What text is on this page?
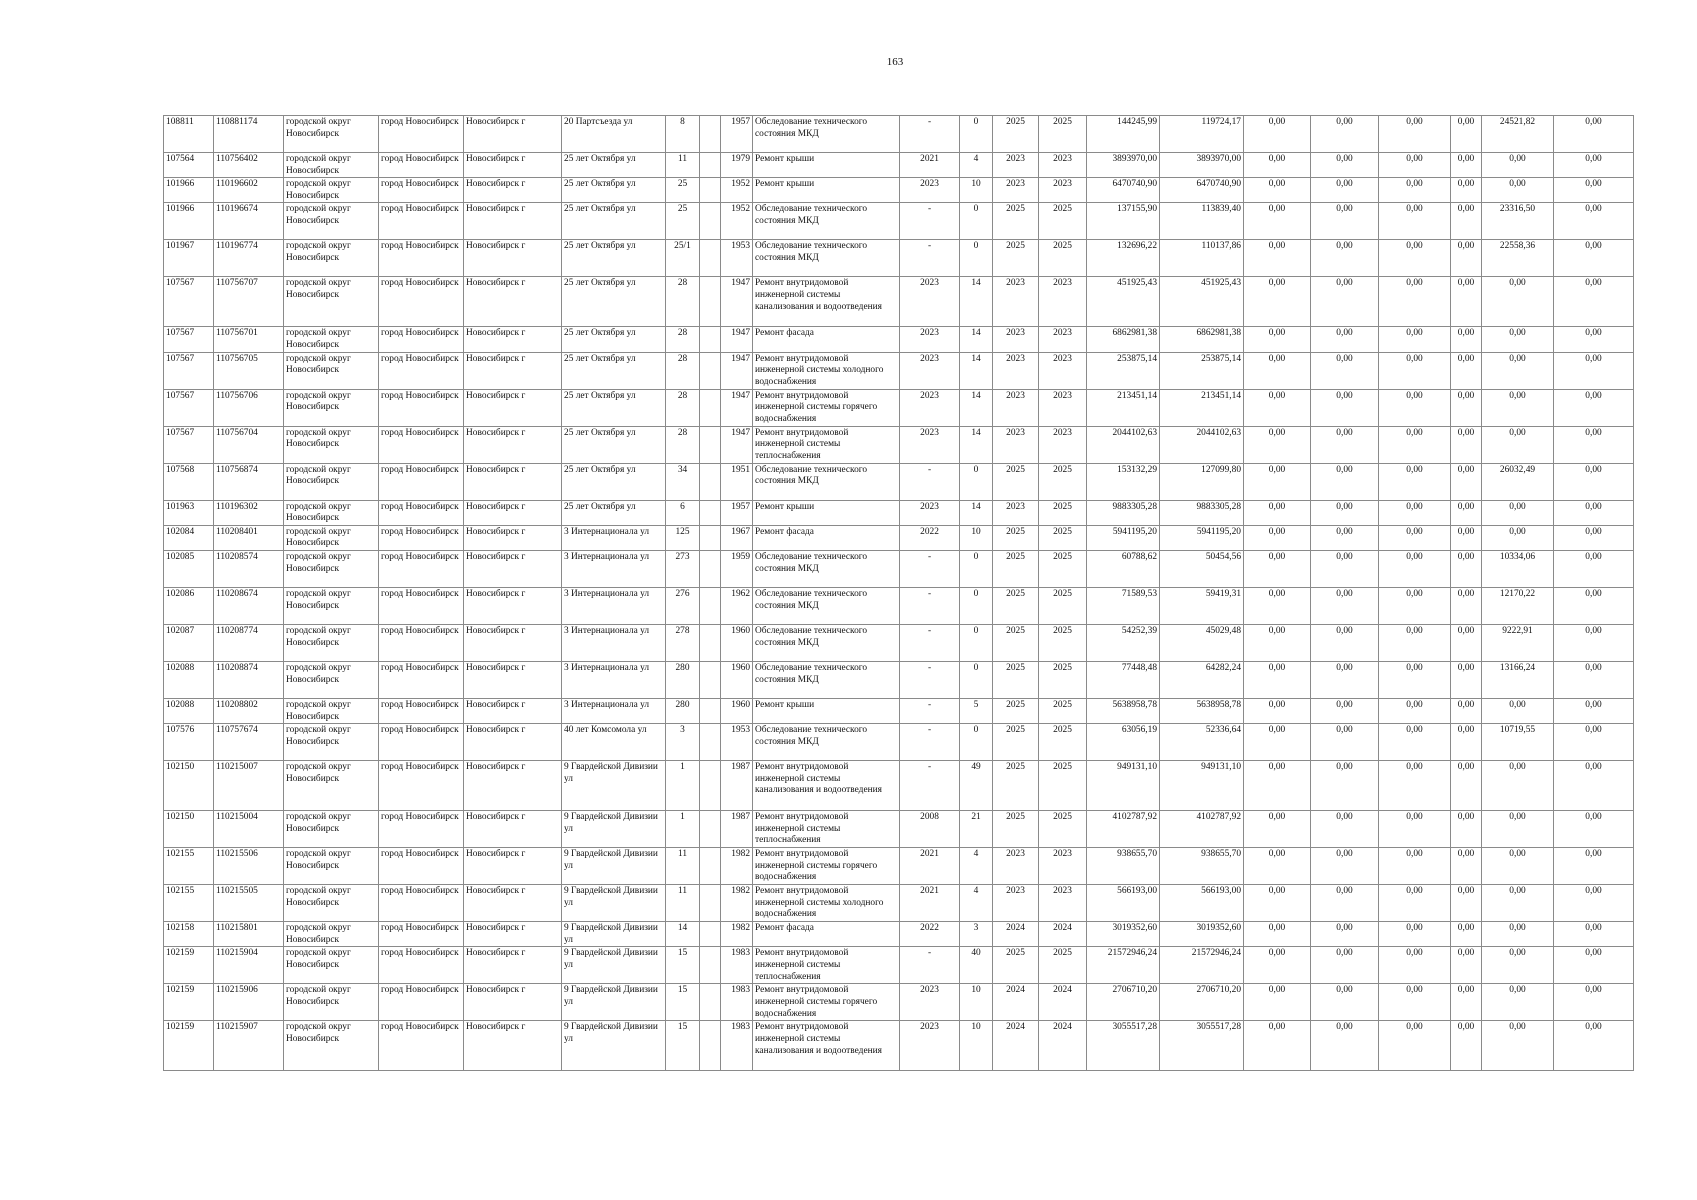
163
108811	110881174	городской округ Новосибирск	город Новосибирск	Новосибирск г	20 Партсъезда ул	8		1957	Обследование технического состояния МКД	-	0	2025	2025	144245,99	119724,17	0,00	0,00	0,00	0,00	24521,82	0,00
107564	110756402	городской округ Новосибирск	город Новосибирск	Новосибирск г	25 лет Октября ул	11		1979	Ремонт крыши	2021	4	2023	2023	3893970,00	3893970,00	0,00	0,00	0,00	0,00	0,00	0,00
101966	110196602	городской округ Новосибирск	город Новосибирск	Новосибирск г	25 лет Октября ул	25		1952	Ремонт крыши	2023	10	2023	2023	6470740,90	6470740,90	0,00	0,00	0,00	0,00	0,00	0,00
101966	110196674	городской округ Новосибирск	город Новосибирск	Новосибирск г	25 лет Октября ул	25		1952	Обследование технического состояния МКД	-	0	2025	2025	137155,90	113839,40	0,00	0,00	0,00	0,00	23316,50	0,00
101967	110196774	городской округ Новосибирск	город Новосибирск	Новосибирск г	25 лет Октября ул	25/1		1953	Обследование технического состояния МКД	-	0	2025	2025	132696,22	110137,86	0,00	0,00	0,00	0,00	22558,36	0,00
107567	110756707	городской округ Новосибирск	город Новосибирск	Новосибирск г	25 лет Октября ул	28		1947	Ремонт внутридомовой инженерной системы канализования и водоотведения	2023	14	2023	2023	451925,43	451925,43	0,00	0,00	0,00	0,00	0,00	0,00
107567	110756701	городской округ Новосибирск	город Новосибирск	Новосибирск г	25 лет Октября ул	28		1947	Ремонт фасада	2023	14	2023	2023	6862981,38	6862981,38	0,00	0,00	0,00	0,00	0,00	0,00
107567	110756705	городской округ Новосибирск	город Новосибирск	Новосибирск г	25 лет Октября ул	28		1947	Ремонт внутридомовой инженерной системы холодного водоснабжения	2023	14	2023	2023	253875,14	253875,14	0,00	0,00	0,00	0,00	0,00	0,00
107567	110756706	городской округ Новосибирск	город Новосибирск	Новосибирск г	25 лет Октября ул	28		1947	Ремонт внутридомовой инженерной системы горячего водоснабжения	2023	14	2023	2023	213451,14	213451,14	0,00	0,00	0,00	0,00	0,00	0,00
107567	110756704	городской округ Новосибирск	город Новосибирск	Новосибирск г	25 лет Октября ул	28		1947	Ремонт внутридомовой инженерной системы теплоснабжения	2023	14	2023	2023	2044102,63	2044102,63	0,00	0,00	0,00	0,00	0,00	0,00
107568	110756874	городской округ Новосибирск	город Новосибирск	Новосибирск г	25 лет Октября ул	34		1951	Обследование технического состояния МКД	-	0	2025	2025	153132,29	127099,80	0,00	0,00	0,00	0,00	26032,49	0,00
101963	110196302	городской округ Новосибирск	город Новосибирск	Новосибирск г	25 лет Октября ул	6		1957	Ремонт крыши	2023	14	2023	2025	9883305,28	9883305,28	0,00	0,00	0,00	0,00	0,00	0,00
102084	110208401	городской округ Новосибирск	город Новосибирск	Новосибирск г	3 Интернационала ул	125		1967	Ремонт фасада	2022	10	2025	2025	5941195,20	5941195,20	0,00	0,00	0,00	0,00	0,00	0,00
102085	110208574	городской округ Новосибирск	город Новосибирск	Новосибирск г	3 Интернационала ул	273		1959	Обследование технического состояния МКД	-	0	2025	2025	60788,62	50454,56	0,00	0,00	0,00	0,00	10334,06	0,00
102086	110208674	городской округ Новосибирск	город Новосибирск	Новосибирск г	3 Интернационала ул	276		1962	Обследование технического состояния МКД	-	0	2025	2025	71589,53	59419,31	0,00	0,00	0,00	0,00	12170,22	0,00
102087	110208774	городской округ Новосибирск	город Новосибирск	Новосибирск г	3 Интернационала ул	278		1960	Обследование технического состояния МКД	-	0	2025	2025	54252,39	45029,48	0,00	0,00	0,00	0,00	9222,91	0,00
102088	110208874	городской округ Новосибирск	город Новосибирск	Новосибирск г	3 Интернационала ул	280		1960	Обследование технического состояния МКД	-	0	2025	2025	77448,48	64282,24	0,00	0,00	0,00	0,00	13166,24	0,00
102088	110208802	городской округ Новосибирск	город Новосибирск	Новосибирск г	3 Интернационала ул	280		1960	Ремонт крыши	-	5	2025	2025	5638958,78	5638958,78	0,00	0,00	0,00	0,00	0,00	0,00
107576	110757674	городской округ Новосибирск	город Новосибирск	Новосибирск г	40 лет Комсомола ул	3		1953	Обследование технического состояния МКД	-	0	2025	2025	63056,19	52336,64	0,00	0,00	0,00	0,00	10719,55	0,00
102150	110215007	городской округ Новосибирск	город Новосибирск	Новосибирск г	9 Гвардейской Дивизии ул	1		1987	Ремонт внутридомовой инженерной системы канализования и водоотведения	-	49	2025	2025	949131,10	949131,10	0,00	0,00	0,00	0,00	0,00	0,00
102150	110215004	городской округ Новосибирск	город Новосибирск	Новосибирск г	9 Гвардейской Дивизии ул	1		1987	Ремонт внутридомовой инженерной системы теплоснабжения	2008	21	2025	2025	4102787,92	4102787,92	0,00	0,00	0,00	0,00	0,00	0,00
102155	110215506	городской округ Новосибирск	город Новосибирск	Новосибирск г	9 Гвардейской Дивизии ул	11		1982	Ремонт внутридомовой инженерной системы горячего водоснабжения	2021	4	2023	2023	938655,70	938655,70	0,00	0,00	0,00	0,00	0,00	0,00
102155	110215505	городской округ Новосибирск	город Новосибирск	Новосибирск г	9 Гвардейской Дивизии ул	11		1982	Ремонт внутридомовой инженерной системы холодного водоснабжения	2021	4	2023	2023	566193,00	566193,00	0,00	0,00	0,00	0,00	0,00	0,00
102158	110215801	городской округ Новосибирск	город Новосибирск	Новосибирск г	9 Гвардейской Дивизии ул	14		1982	Ремонт фасада	2022	3	2024	2024	3019352,60	3019352,60	0,00	0,00	0,00	0,00	0,00	0,00
102159	110215904	городской округ Новосибирск	город Новосибирск	Новосибирск г	9 Гвардейской Дивизии ул	15		1983	Ремонт внутридомовой инженерной системы теплоснабжения	-	40	2025	2025	21572946,24	21572946,24	0,00	0,00	0,00	0,00	0,00	0,00
102159	110215906	городской округ Новосибирск	город Новосибирск	Новосибирск г	9 Гвардейской Дивизии ул	15		1983	Ремонт внутридомовой инженерной системы горячего водоснабжения	2023	10	2024	2024	2706710,20	2706710,20	0,00	0,00	0,00	0,00	0,00	0,00
102159	110215907	городской округ Новосибирск	город Новосибирск	Новосибирск г	9 Гвардейской Дивизии ул	15		1983	Ремонт внутридомовой инженерной системы канализования и водоотведения	2023	10	2024	2024	3055517,28	3055517,28	0,00	0,00	0,00	0,00	0,00	0,00
